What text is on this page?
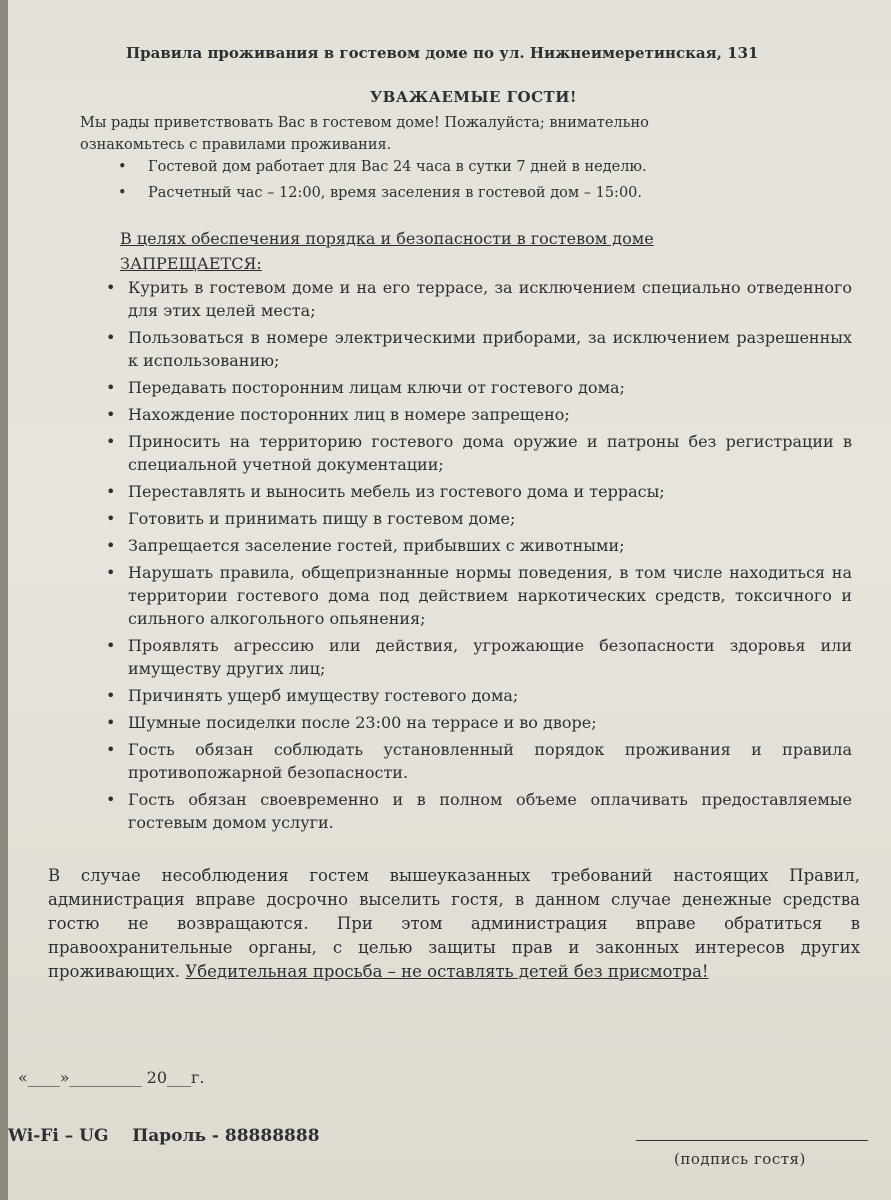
Правила проживания в гостевом доме по ул. Нижнеимеретинская, 131
УВАЖАЕМЫЕ ГОСТИ!
Мы рады приветствовать Вас в гостевом доме! Пожалуйста; внимательно
ознакомьтесь с правилами проживания.
• Гостевой дом работает для Вас 24 часа в сутки 7 дней в неделю.
• Расчетный час – 12:00, время заселения в гостевой дом – 15:00.
В целях обеспечения порядка и безопасности в гостевом доме
ЗАПРЕЩАЕТСЯ:
• Курить в гостевом доме и на его террасе, за исключением специально отведенного для этих целей места;
• Пользоваться в номере электрическими приборами, за исключением разрешенных к использованию;
• Передавать посторонним лицам ключи от гостевого дома;
• Нахождение посторонних лиц в номере запрещено;
• Приносить на территорию гостевого дома оружие и патроны без регистрации в специальной учетной документации;
• Переставлять и выносить мебель из гостевого дома и террасы;
• Готовить и принимать пищу в гостевом доме;
• Запрещается заселение гостей, прибывших с животными;
• Нарушать правила, общепризнанные нормы поведения, в том числе находиться на территории гостевого дома под действием наркотических средств, токсичного и сильного алкогольного опьянения;
• Проявлять агрессию или действия, угрожающие безопасности здоровья или имуществу других лиц;
• Причинять ущерб имуществу гостевого дома;
• Шумные посиделки после 23:00 на террасе и во дворе;
• Гость обязан соблюдать установленный порядок проживания и правила противопожарной безопасности.
• Гость обязан своевременно и в полном объеме оплачивать предоставляемые гостевым домом услуги.
В случае несоблюдения гостем вышеуказанных требований настоящих Правил, администрация вправе досрочно выселить гостя, в данном случае денежные средства гостю не возвращаются. При этом администрация вправе обратиться в правоохранительные органы, с целью защиты прав и законных интересов других проживающих. Убедительная просьба – не оставлять детей без присмотра!
«____»_________ 20___г.
Wi-Fi – UG    Пароль - 88888888
(подпись гостя)
